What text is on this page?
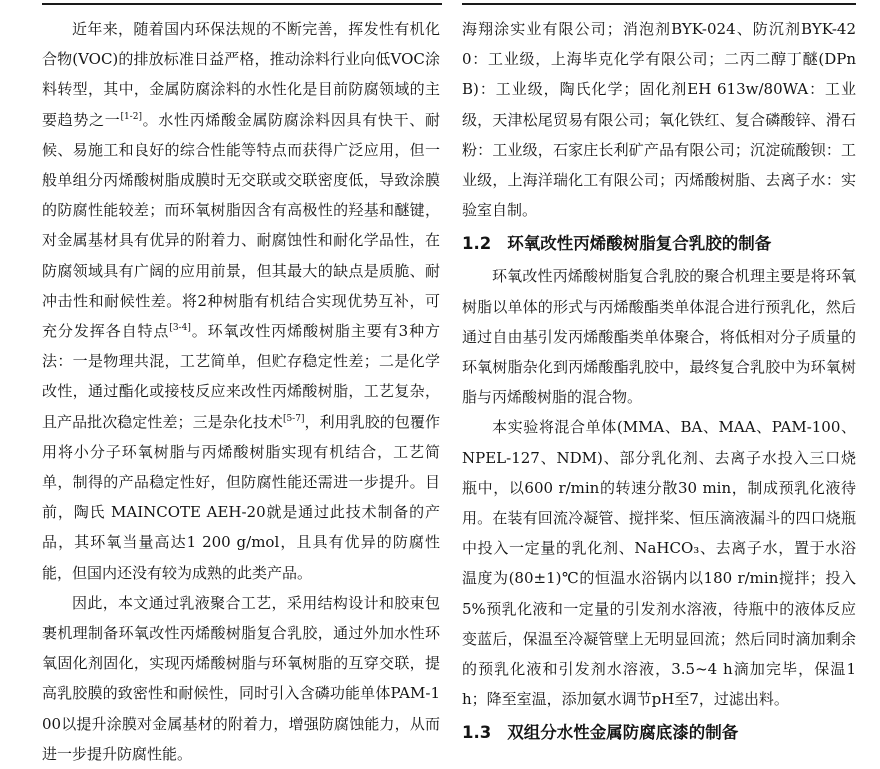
近年来，随着国内环保法规的不断完善，挥发性有机化合物(VOC)的排放标准日益严格，推动涂料行业向低VOC涂料转型，其中，金属防腐涂料的水性化是目前防腐领域的主要趋势之一[1-2]。水性丙烯酸金属防腐涂料因具有快干、耐候、易施工和良好的综合性能等特点而获得广泛应用，但一般单组分丙烯酸树脂成膜时无交联或交联密度低，导致涂膜的防腐性能较差；而环氧树脂因含有高极性的羟基和醚键，对金属基材具有优异的附着力、耐腐蚀性和耐化学品性，在防腐领域具有广阔的应用前景，但其最大的缺点是质脆、耐冲击性和耐候性差。将2种树脂有机结合实现优势互补，可充分发挥各自特点[3-4]。环氧改性丙烯酸树脂主要有3种方法：一是物理共混，工艺简单，但贮存稳定性差；二是化学改性，通过酯化或接枝反应来改性丙烯酸树脂，工艺复杂，且产品批次稳定性差；三是杂化技术[5-7]，利用乳胶的包覆作用将小分子环氧树脂与丙烯酸树脂实现有机结合，工艺简单，制得的产品稳定性好，但防腐性能还需进一步提升。目前，陶氏 MAINCOTE AEH-20就是通过此技术制备的产品，其环氧当量高达1 200 g/mol，且具有优异的防腐性能，但国内还没有较为成熟的此类产品。

因此，本文通过乳液聚合工艺，采用结构设计和胶束包裹机理制备环氧改性丙烯酸树脂复合乳胶，通过外加水性环氧固化剂固化，实现丙烯酸树脂与环氧树脂的互穿交联，提高乳胶膜的致密性和耐候性，同时引入含磷功能单体PAM-100以提升涂膜对金属基材的附着力，增强防腐蚀能力，从而进一步提升防腐性能。

海翔涂实业有限公司；消泡剂BYK-024、防沉剂BYK-420：工业级，上海毕克化学有限公司；二丙二醇丁醚(DPnB)：工业级，陶氏化学；固化剂EH 613w/80WA：工业级，天津松尾贸易有限公司；氧化铁红、复合磷酸锌、滑石粉：工业级，石家庄长利矿产品有限公司；沉淀硫酸钡：工业级，上海洋瑞化工有限公司；丙烯酸树脂、去离子水：实验室自制。

1.2 环氧改性丙烯酸树脂复合乳胶的制备

环氧改性丙烯酸树脂复合乳胶的聚合机理主要是将环氧树脂以单体的形式与丙烯酸酯类单体混合进行预乳化，然后通过自由基引发丙烯酸酯类单体聚合，将低相对分子质量的环氧树脂杂化到丙烯酸酯乳胶中，最终复合乳胶中为环氧树脂与丙烯酸树脂的混合物。

本实验将混合单体(MMA、BA、MAA、PAM-100、NPEL-127、NDM)、部分乳化剂、去离子水投入三口烧瓶中，以600 r/min的转速分散30 min，制成预乳化液待用。在装有回流冷凝管、搅拌桨、恒压滴液漏斗的四口烧瓶中投入一定量的乳化剂、NaHCO₃、去离子水，置于水浴温度为(80±1)℃的恒温水浴锅内以180 r/min搅拌；投入5%预乳化液和一定量的引发剂水溶液，待瓶中的液体反应变蓝后，保温至冷凝管壁上无明显回流；然后同时滴加剩余的预乳化液和引发剂水溶液，3.5~4 h滴加完毕，保温1 h；降至室温，添加氨水调节pH至7，过滤出料。

1.3 双组分水性金属防腐底漆的制备
